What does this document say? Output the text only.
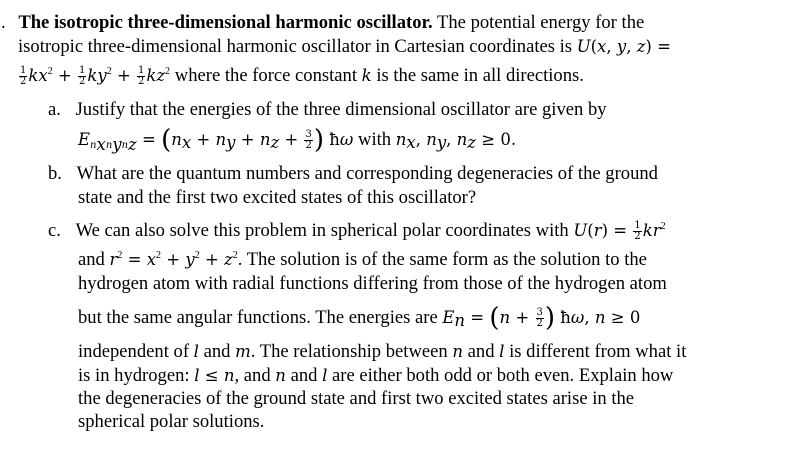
. The isotropic three-dimensional harmonic oscillator. The potential energy for the
isotropic three-dimensional harmonic oscillator in Cartesian coordinates is U(x, y, z) =
$\frac{1}{2} kx^2 + \frac{1}{2} ky^2 + \frac{1}{2} kz^2$ where the force constant k is the same in all directions.
a. Justify that the energies of the three dimensional oscillator are given by
$E_{n_xn_yn_z} = (n_x + n_y + n_z + \frac{3}{2}$ ) ħω with $n_x$, $n_y$, $n_z \ge 0$.
b. What are the quantum numbers and corresponding degeneracies of the ground
state and the first two excited states of this oscillator?
c. We can also solve this problem in spherical polar coordinates with $U(r) = \frac{1}{2} kr^2$
and $r^2 = x^2 + y^2 + z^2$. The solution is of the same form as the solution to the
hydrogen atom with radial functions differing from those of the hydrogen atom
but the same angular functions. The energies are $E_n = (n + \frac{3}{2}$ ) ħω, n ≥ 0
independent of l and m. The relationship between n and l is different from what it
is in hydrogen: l ≤ n, and n and l are either both odd or both even. Explain how
the degeneracies of the ground state and first two excited states arise in the
spherical polar solutions.
